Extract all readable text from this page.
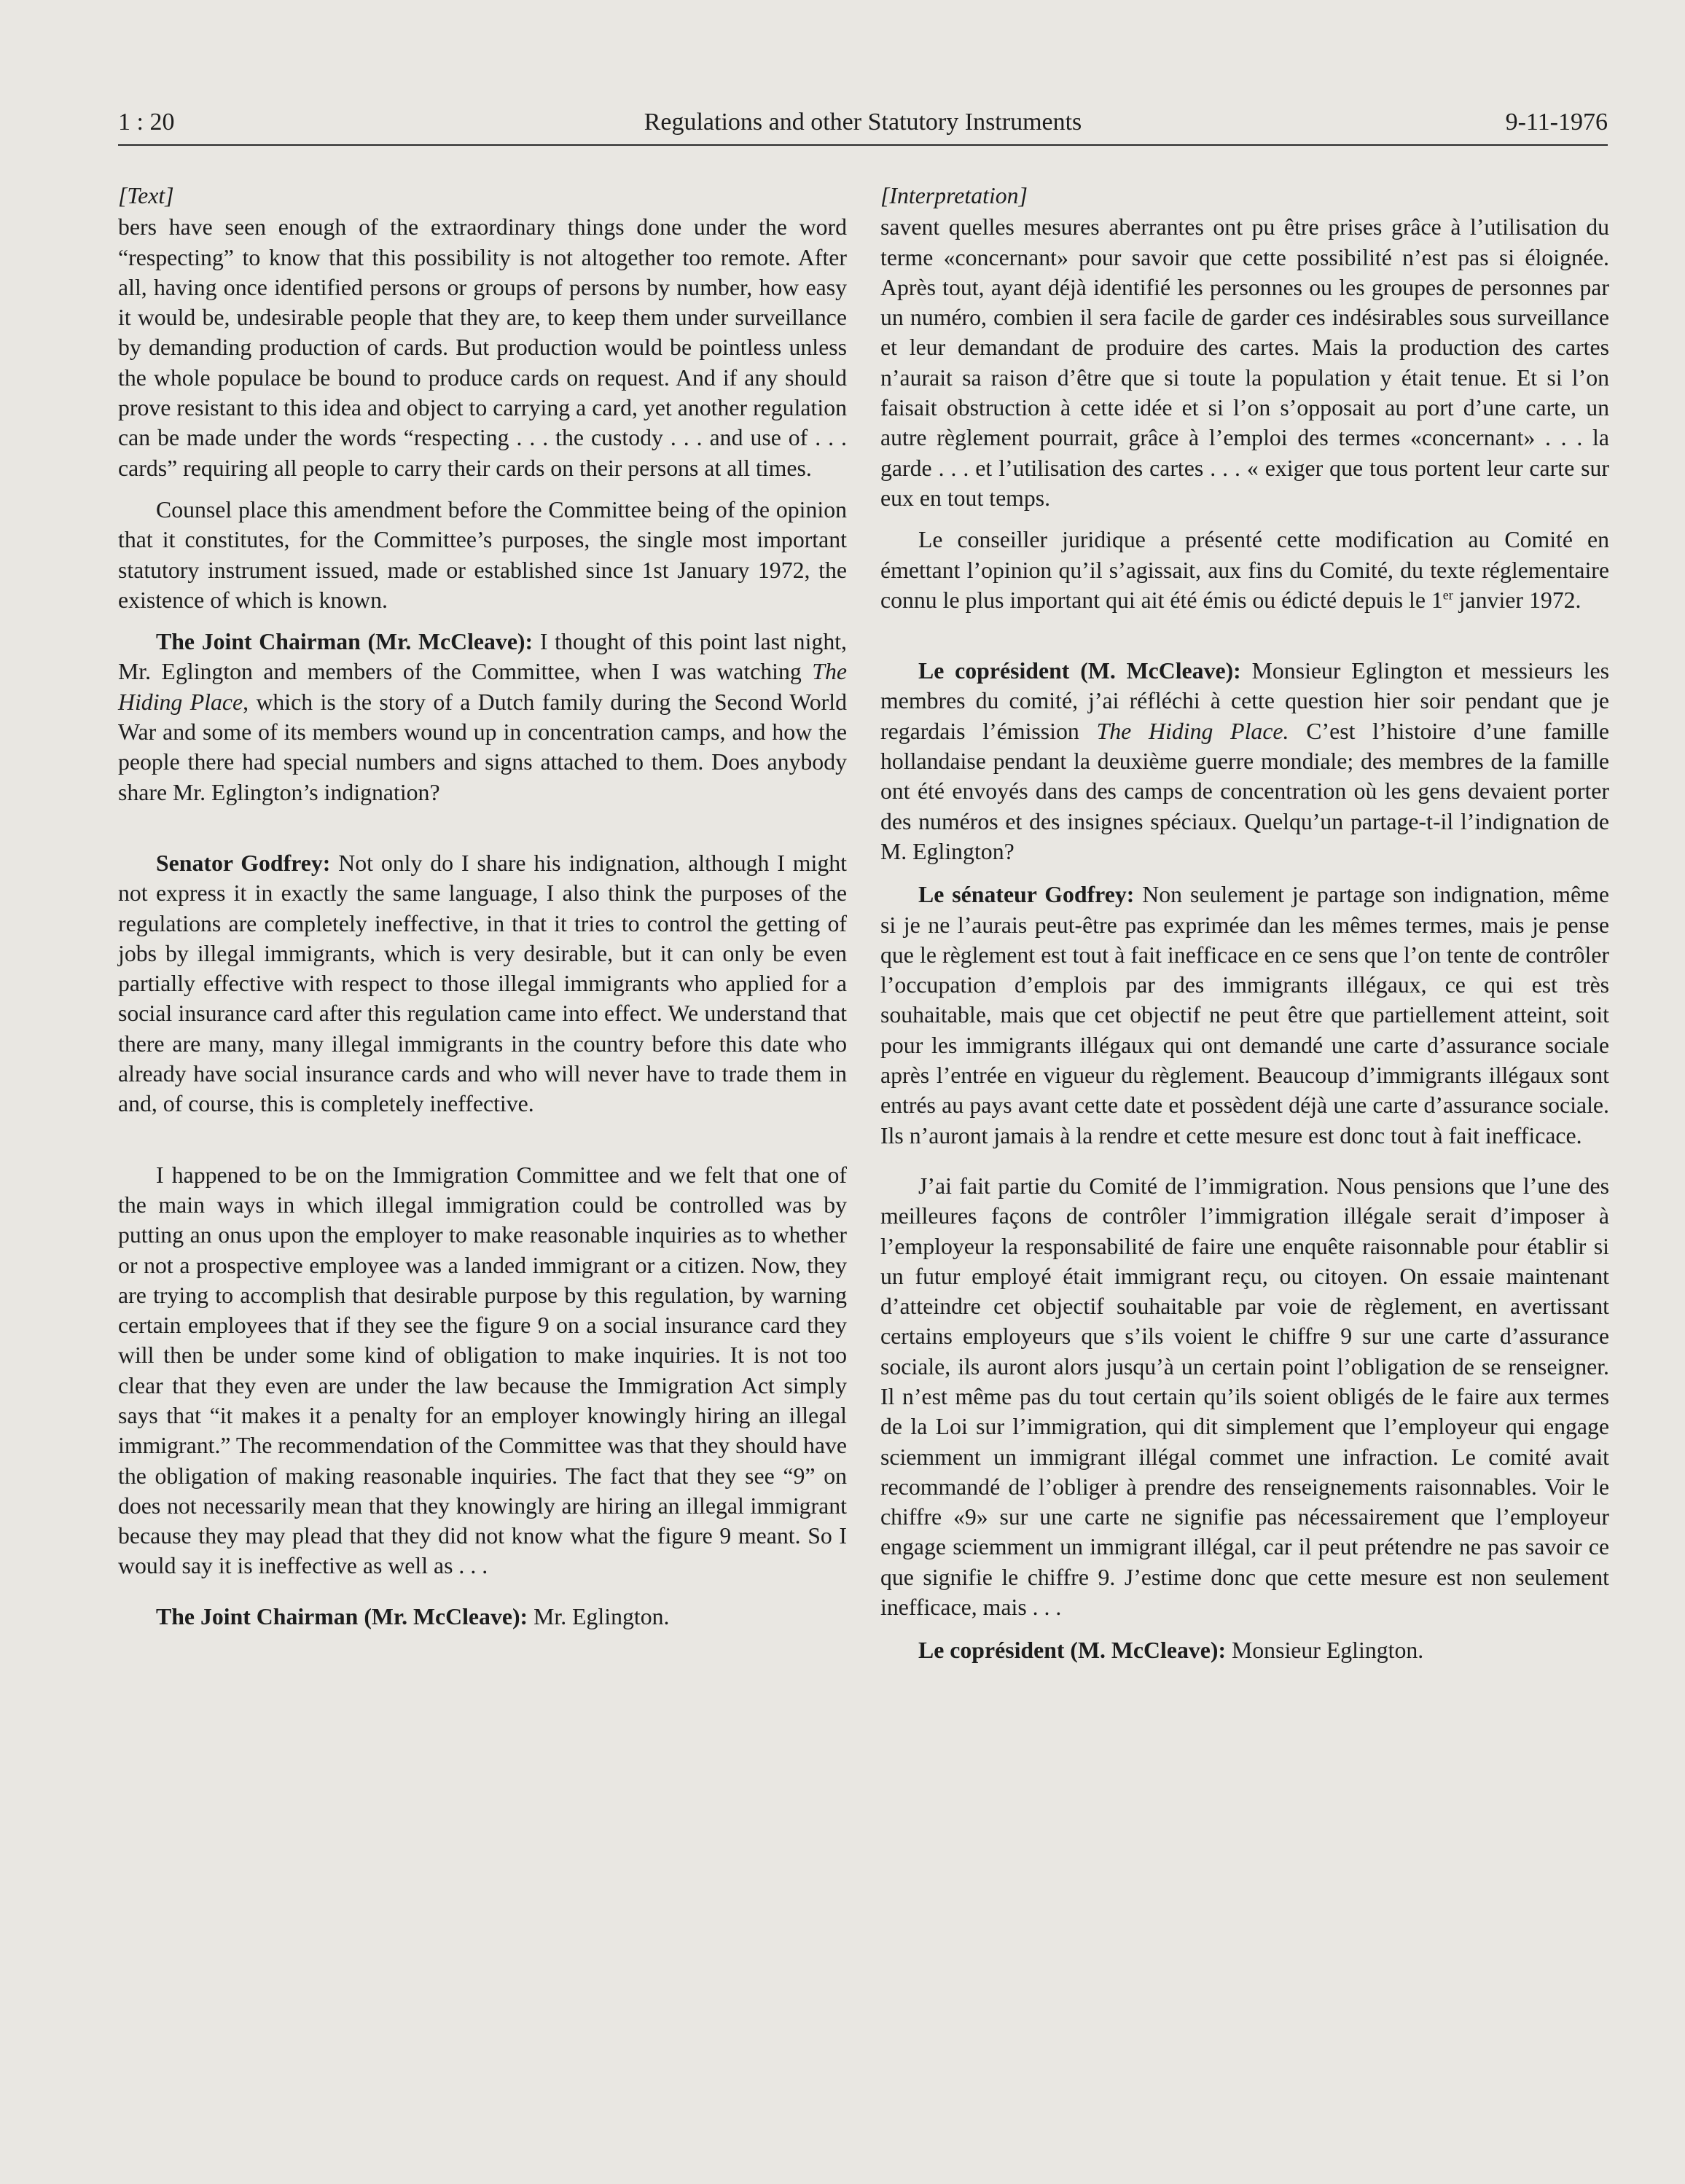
1 : 20	Regulations and other Statutory Instruments	9-11-1976
[Text]

bers have seen enough of the extraordinary things done under the word “respecting” to know that this possibility is not altogether too remote. After all, having once identified persons or groups of persons by number, how easy it would be, undesirable people that they are, to keep them under surveillance by demanding production of cards. But production would be pointless unless the whole populace be bound to produce cards on request. And if any should prove resistant to this idea and object to carrying a card, yet another regulation can be made under the words “respecting . . . the custody . . . and use of . . . cards” requiring all people to carry their cards on their persons at all times.

Counsel place this amendment before the Committee being of the opinion that it constitutes, for the Committee’s purposes, the single most important statutory instrument issued, made or established since 1st January 1972, the existence of which is known.

The Joint Chairman (Mr. McCleave): I thought of this point last night, Mr. Eglington and members of the Committee, when I was watching The Hiding Place, which is the story of a Dutch family during the Second World War and some of its members wound up in concentration camps, and how the people there had special numbers and signs attached to them. Does anybody share Mr. Eglington’s indignation?

Senator Godfrey: Not only do I share his indignation, although I might not express it in exactly the same language, I also think the purposes of the regulations are completely ineffective, in that it tries to control the getting of jobs by illegal immigrants, which is very desirable, but it can only be even partially effective with respect to those illegal immigrants who applied for a social insurance card after this regulation came into effect. We understand that there are many, many illegal immigrants in the country before this date who already have social insurance cards and who will never have to trade them in and, of course, this is completely ineffective.

I happened to be on the Immigration Committee and we felt that one of the main ways in which illegal immigration could be controlled was by putting an onus upon the employer to make reasonable inquiries as to whether or not a prospective employee was a landed immigrant or a citizen. Now, they are trying to accomplish that desirable purpose by this regulation, by warning certain employees that if they see the figure 9 on a social insurance card they will then be under some kind of obligation to make inquiries. It is not too clear that they even are under the law because the Immigration Act simply says that “it makes it a penalty for an employer knowingly hiring an illegal immigrant.” The recommendation of the Committee was that they should have the obligation of making reasonable inquiries. The fact that they see “9” on does not necessarily mean that they knowingly are hiring an illegal immigrant because they may plead that they did not know what the figure 9 meant. So I would say it is ineffective as well as . . .

The Joint Chairman (Mr. McCleave): Mr. Eglington.

[Interpretation]

savent quelles mesures aberrantes ont pu être prises grâce à l’utilisation du terme «concernant» pour savoir que cette possibilité n’est pas si éloignée. Après tout, ayant déjà identifié les personnes ou les groupes de personnes par un numéro, combien il sera facile de garder ces indésirables sous surveillance et leur demandant de produire des cartes. Mais la production des cartes n’aurait sa raison d’être que si toute la population y était tenue. Et si l’on faisait obstruction à cette idée et si l’on s’opposait au port d’une carte, un autre règlement pourrait, grâce à l’emploi des termes «concernant» . . . la garde . . . et l’utilisation des cartes . . . « exiger que tous portent leur carte sur eux en tout temps.

Le conseiller juridique a présenté cette modification au Comité en émettant l’opinion qu’il s’agissait, aux fins du Comité, du texte réglementaire connu le plus important qui ait été émis ou édicté depuis le 1er janvier 1972.

Le coprésident (M. McCleave): Monsieur Eglington et messieurs les membres du comité, j’ai réfléchi à cette question hier soir pendant que je regardais l’émission The Hiding Place. C’est l’histoire d’une famille hollandaise pendant la deuxième guerre mondiale; des membres de la famille ont été envoyés dans des camps de concentration où les gens devaient porter des numéros et des insignes spéciaux. Quelqu’un partage-t-il l’indignation de M. Eglington?

Le sénateur Godfrey: Non seulement je partage son indignation, même si je ne l’aurais peut-être pas exprimée dan les mêmes termes, mais je pense que le règlement est tout à fait inefficace en ce sens que l’on tente de contrôler l’occupation d’emplois par des immigrants illégaux, ce qui est très souhaitable, mais que cet objectif ne peut être que partiellement atteint, soit pour les immigrants illégaux qui ont demandé une carte d’assurance sociale après l’entrée en vigueur du règlement. Beaucoup d’immigrants illégaux sont entrés au pays avant cette date et possèdent déjà une carte d’assurance sociale. Ils n’auront jamais à la rendre et cette mesure est donc tout à fait inefficace.

J’ai fait partie du Comité de l’immigration. Nous pensions que l’une des meilleures façons de contrôler l’immigration illégale serait d’imposer à l’employeur la responsabilité de faire une enquête raisonnable pour établir si un futur employé était immigrant reçu, ou citoyen. On essaie maintenant d’atteindre cet objectif souhaitable par voie de règlement, en avertissant certains employeurs que s’ils voient le chiffre 9 sur une carte d’assurance sociale, ils auront alors jusqu’à un certain point l’obligation de se renseigner. Il n’est même pas du tout certain qu’ils soient obligés de le faire aux termes de la Loi sur l’immigration, qui dit simplement que l’employeur qui engage sciemment un immigrant illégal commet une infraction. Le comité avait recommandé de l’obliger à prendre des renseignements raisonnables. Voir le chiffre «9» sur une carte ne signifie pas nécessairement que l’employeur engage sciemment un immigrant illégal, car il peut prétendre ne pas savoir ce que signifie le chiffre 9. J’estime donc que cette mesure est non seulement inefficace, mais . . .

Le coprésident (M. McCleave): Monsieur Eglington.
